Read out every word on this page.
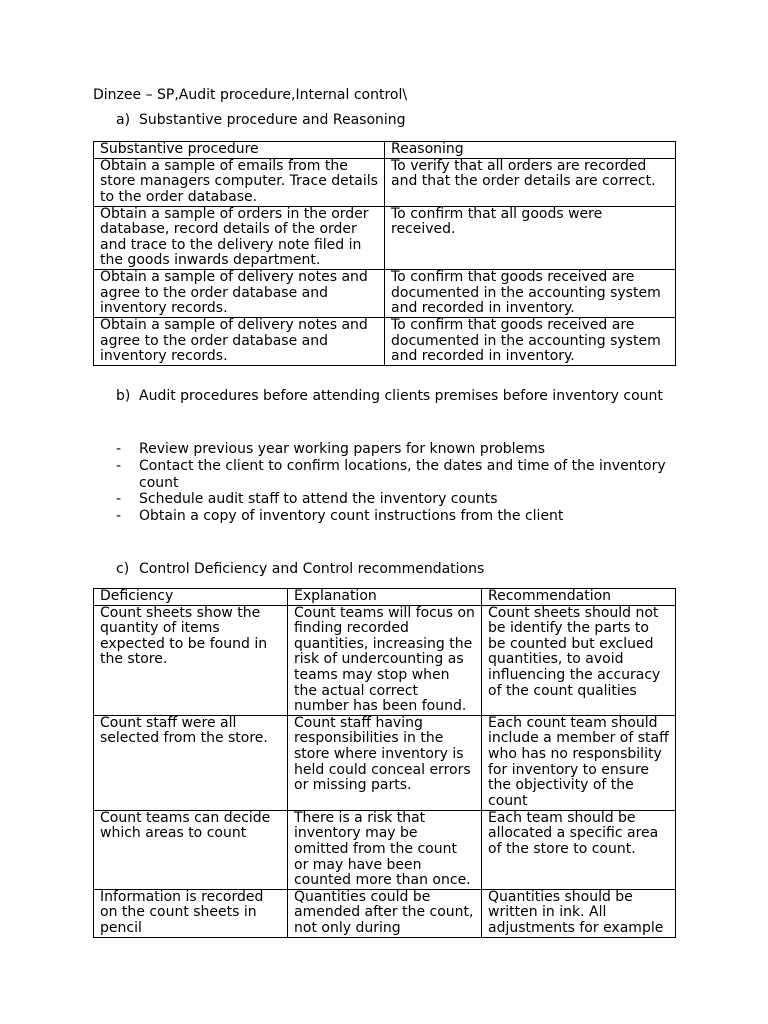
Dinzee – SP,Audit procedure,Internal control\
a) Substantive procedure and Reasoning
Substantive procedure	Reasoning
Obtain a sample of emails from the store managers computer. Trace details to the order database.	To verify that all orders are recorded and that the order details are correct.
Obtain a sample of orders in the order database, record details of the order and trace to the delivery note filed in the goods inwards department.	To confirm that all goods were received.
Obtain a sample of delivery notes and agree to the order database and inventory records.	To confirm that goods received are documented in the accounting system and recorded in inventory.
Obtain a sample of delivery notes and agree to the order database and inventory records.	To confirm that goods received are documented in the accounting system and recorded in inventory.
b) Audit procedures before attending clients premises before inventory count
- Review previous year working papers for known problems
- Contact the client to confirm locations, the dates and time of the inventory count
- Schedule audit staff to attend the inventory counts
- Obtain a copy of inventory count instructions from the client
c) Control Deficiency and Control recommendations
Deficiency	Explanation	Recommendation
Count sheets show the quantity of items expected to be found in the store.	Count teams will focus on finding recorded quantities, increasing the risk of undercounting as teams may stop when the actual correct number has been found.	Count sheets should not be identify the parts to be counted but exclued quantities, to avoid influencing the accuracy of the count qualities
Count staff were all selected from the store.	Count staff having responsibilities in the store where inventory is held could conceal errors or missing parts.	Each count team should include a member of staff who has no responsbility for inventory to ensure the objectivity of the count
Count teams can decide which areas to count	There is a risk that inventory may be omitted from the count or may have been counted more than once.	Each team should be allocated a specific area of the store to count.
Information is recorded on the count sheets in pencil	Quantities could be amended after the count, not only during	Quantities should be written in ink. All adjustments for example
